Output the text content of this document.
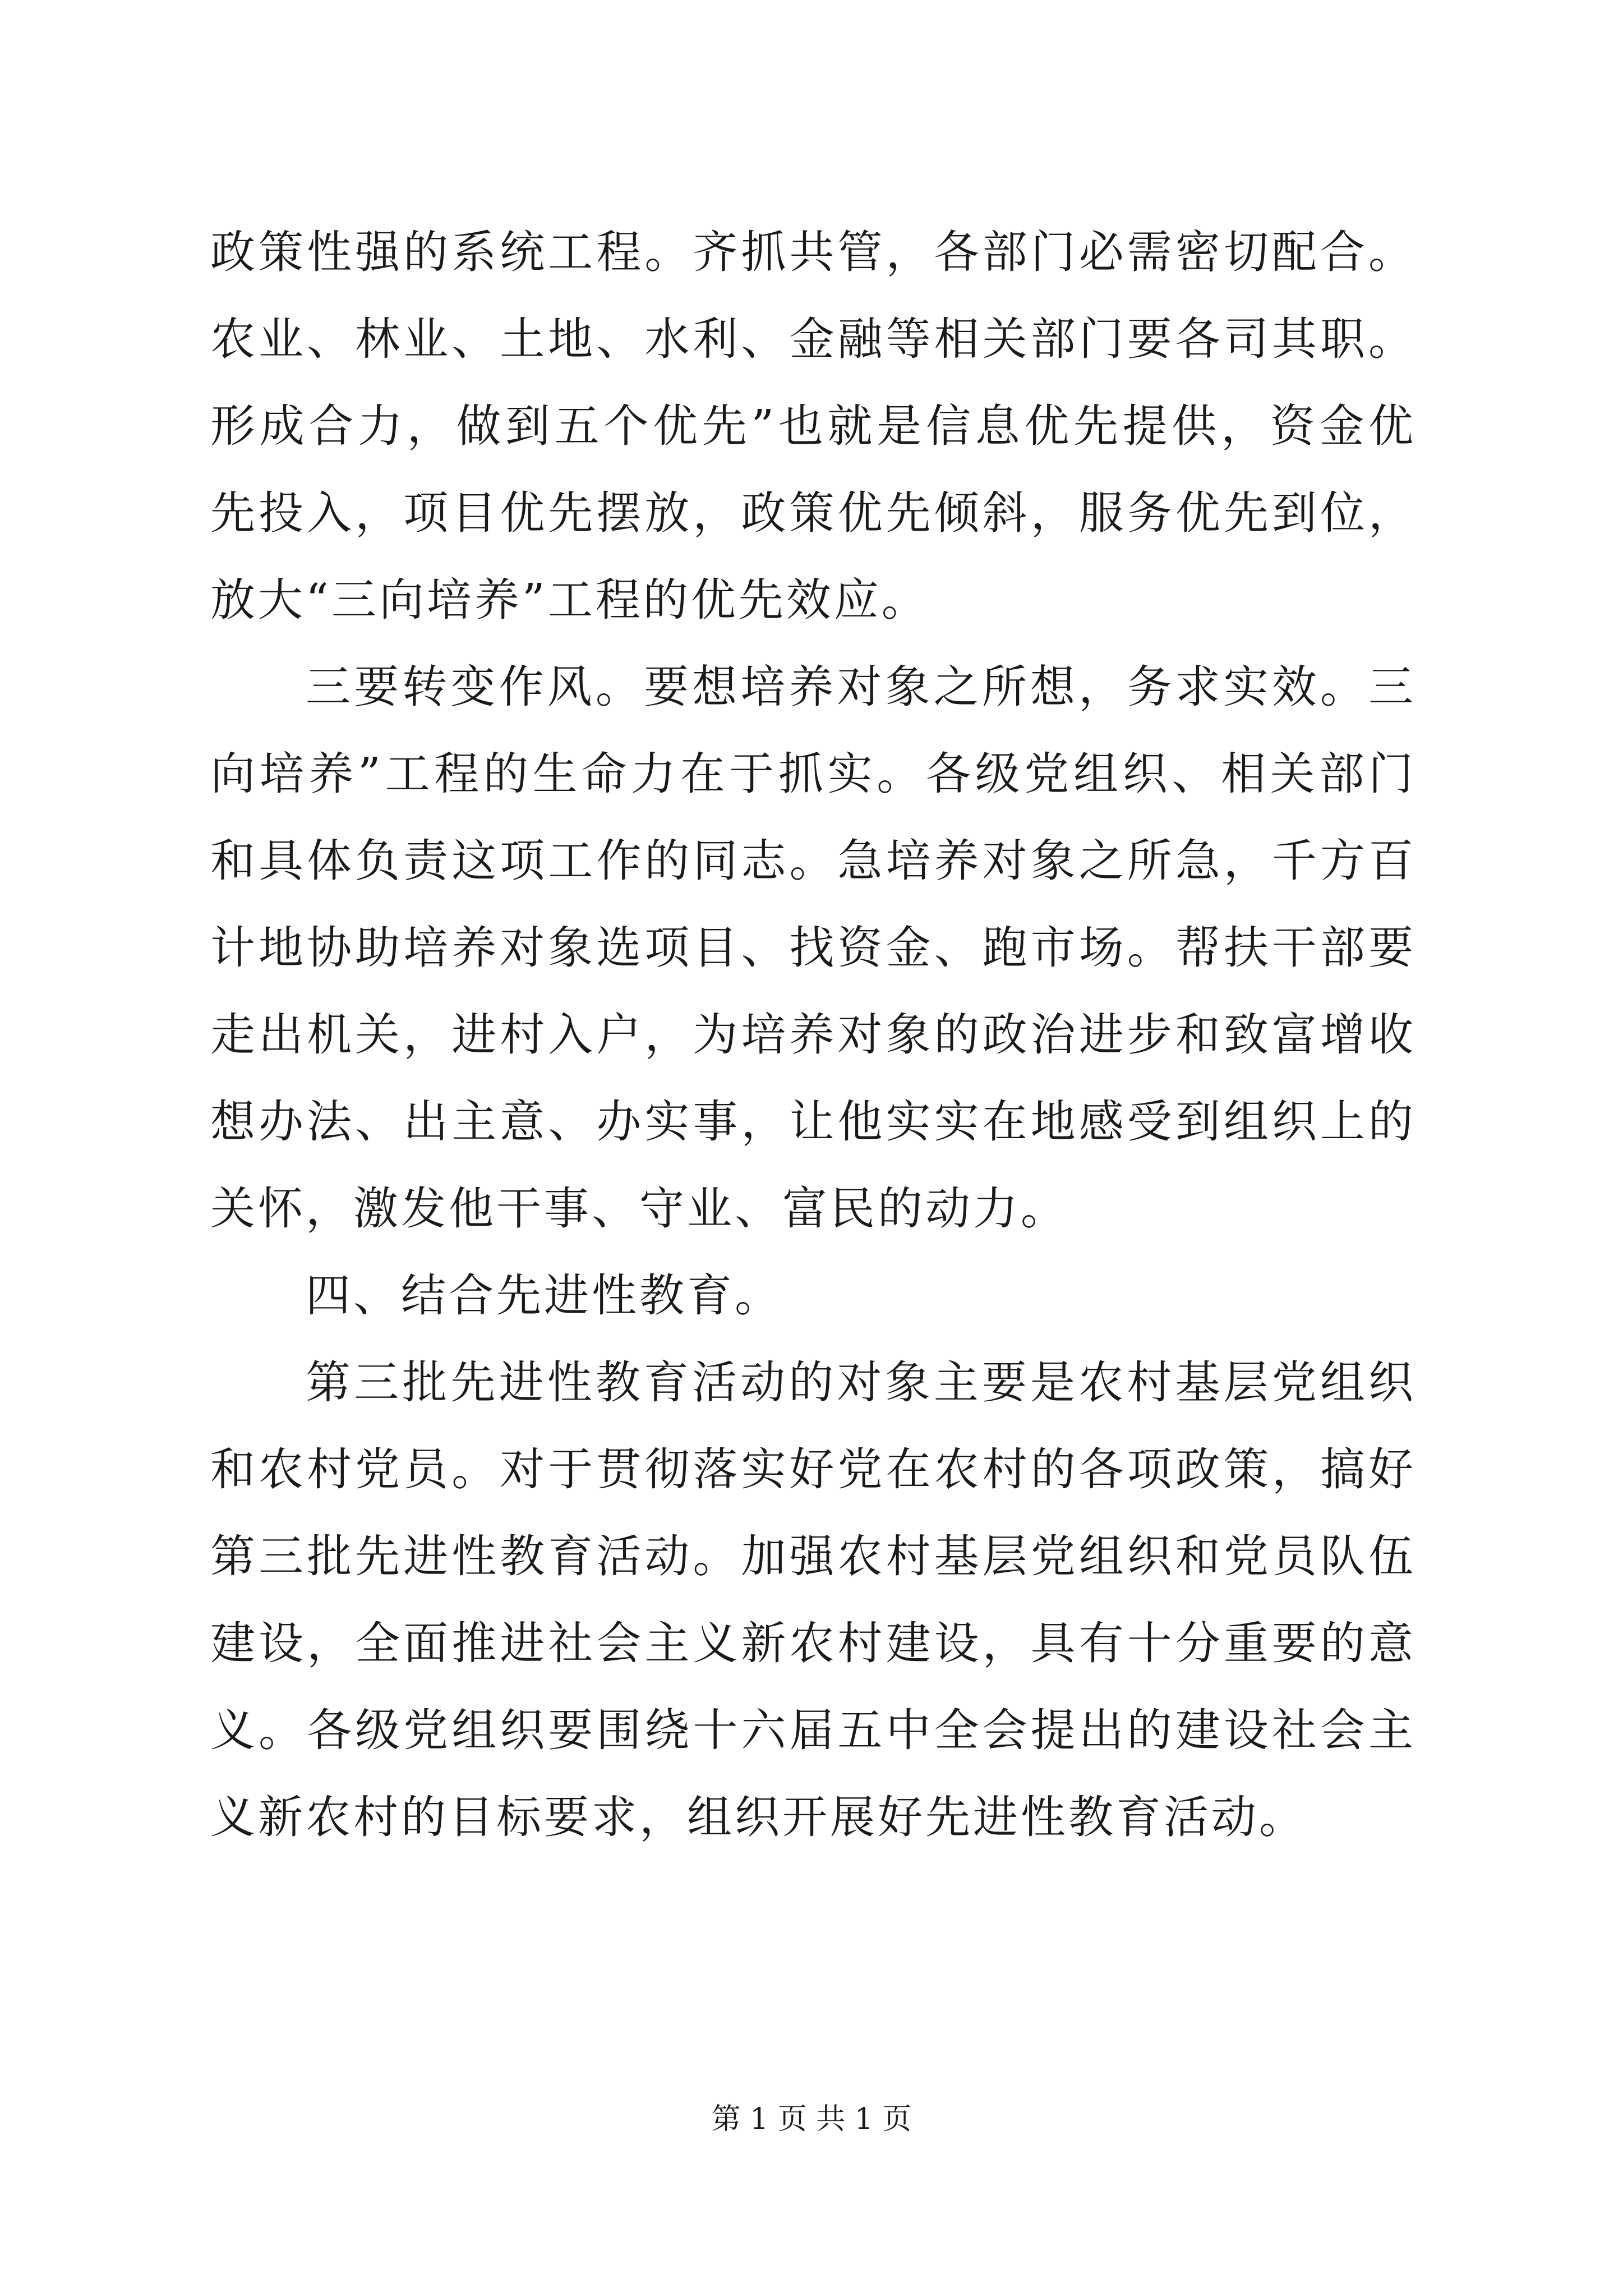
政策性强的系统工程。齐抓共管，各部门必需密切配合。农业、林业、土地、水利、金融等相关部门要各司其职。形成合力，做到五个优先”也就是信息优先提供，资金优先投入，项目优先摆放，政策优先倾斜，服务优先到位，放大“三向培养”工程的优先效应。

三要转变作风。要想培养对象之所想，务求实效。三向培养”工程的生命力在于抓实。各级党组织、相关部门和具体负责这项工作的同志。急培养对象之所急，千方百计地协助培养对象选项目、找资金、跑市场。帮扶干部要走出机关，进村入户，为培养对象的政治进步和致富增收想办法、出主意、办实事，让他实实在地感受到组织上的关怀，激发他干事、守业、富民的动力。

四、结合先进性教育。

第三批先进性教育活动的对象主要是农村基层党组织和农村党员。对于贯彻落实好党在农村的各项政策，搞好第三批先进性教育活动。加强农村基层党组织和党员队伍建设，全面推进社会主义新农村建设，具有十分重要的意义。各级党组织要围绕十六届五中全会提出的建设社会主义新农村的目标要求，组织开展好先进性教育活动。

第 1 页 共 1 页
